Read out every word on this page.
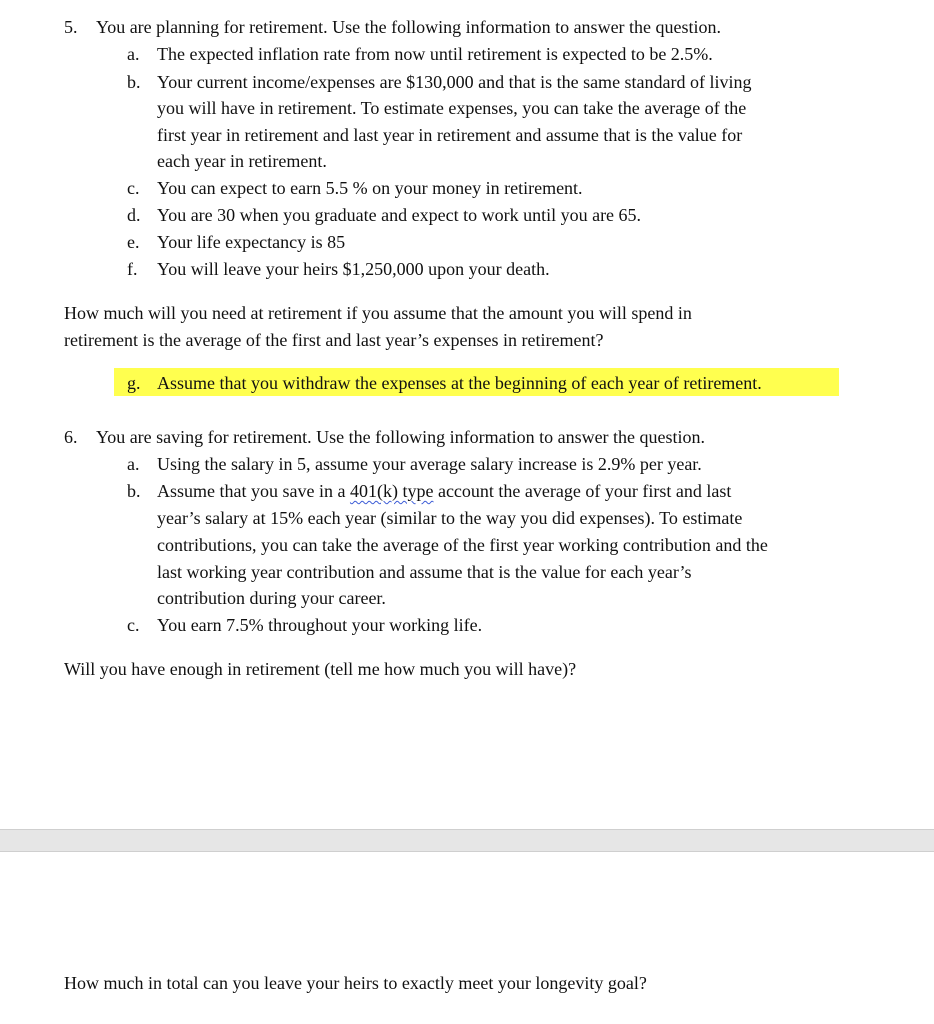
5. You are planning for retirement. Use the following information to answer the question.
a. The expected inflation rate from now until retirement is expected to be 2.5%.
b. Your current income/expenses are $130,000 and that is the same standard of living
you will have in retirement. To estimate expenses, you can take the average of the
first year in retirement and last year in retirement and assume that is the value for
each year in retirement.
c. You can expect to earn 5.5 % on your money in retirement.
d. You are 30 when you graduate and expect to work until you are 65.
e. Your life expectancy is 85
f. You will leave your heirs $1,250,000 upon your death.
How much will you need at retirement if you assume that the amount you will spend in
retirement is the average of the first and last year’s expenses in retirement?
g. Assume that you withdraw the expenses at the beginning of each year of retirement.
6. You are saving for retirement. Use the following information to answer the question.
a. Using the salary in 5, assume your average salary increase is 2.9% per year.
b. Assume that you save in a 401(k) type account the average of your first and last
year’s salary at 15% each year (similar to the way you did expenses). To estimate
contributions, you can take the average of the first year working contribution and the
last working year contribution and assume that is the value for each year’s
contribution during your career.
c. You earn 7.5% throughout your working life.
Will you have enough in retirement (tell me how much you will have)?
How much in total can you leave your heirs to exactly meet your longevity goal?
